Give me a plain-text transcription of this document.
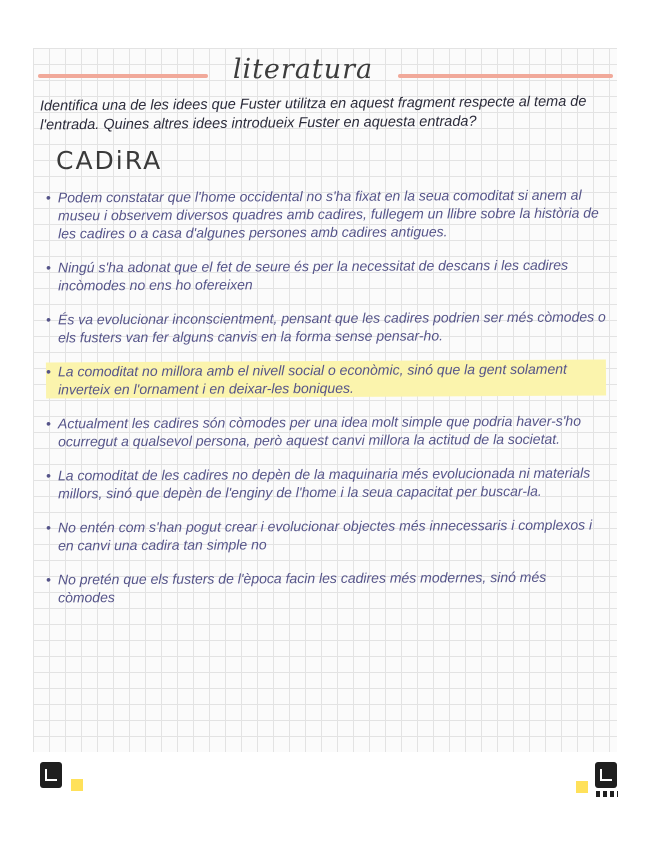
literatura
Identifica una de les idees que Fuster utilitza en aquest fragment respecte al tema de l'entrada. Quines altres idees introdueix Fuster en aquesta entrada?
CADiRA
• Podem constatar que l'home occidental no s'ha fixat en la seua comoditat si anem al museu i observem diversos quadres amb cadires, fullegem un llibre sobre la història de les cadires o a casa d'algunes persones amb cadires antigues.
• Ningú s'ha adonat que el fet de seure és per la necessitat de descans i les cadires incòmodes no ens ho ofereixen
• És va evolucionar inconscientment, pensant que les cadires podrien ser més còmodes o els fusters van fer alguns canvis en la forma sense pensar-ho.
• La comoditat no millora amb el nivell social o econòmic, sinó que la gent solament inverteix en l'ornament i en deixar-les boniques.
• Actualment les cadires són còmodes per una idea molt simple que podria haver-s'ho ocurregut a qualsevol persona, però aquest canvi millora la actitud de la societat.
• La comoditat de les cadires no depèn de la maquinaria més evolucionada ni materials millors, sinó que depèn de l'enginy de l'home i la seua capacitat per buscar-la.
• No entén com s'han pogut crear i evolucionar objectes més innecessaris i complexos i en canvi una cadira tan simple no
• No pretén que els fusters de l'època facin les cadires més modernes, sinó més còmodes
